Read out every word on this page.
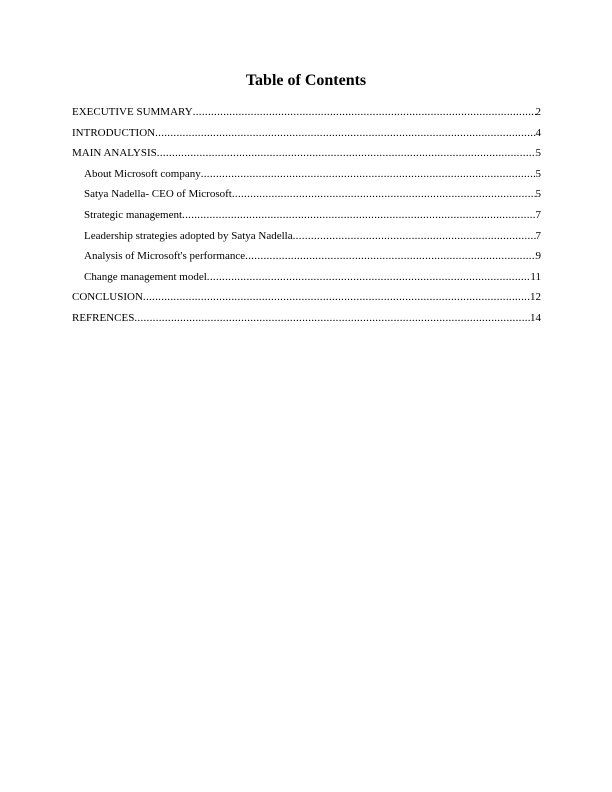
Table of Contents
EXECUTIVE SUMMARY .....	2
INTRODUCTION .....	4
MAIN ANALYSIS .....	5
About Microsoft company .....	5
Satya Nadella- CEO of Microsoft .....	5
Strategic management .....	7
Leadership strategies adopted by Satya Nadella .....	7
Analysis of Microsoft's performance .....	9
Change management model .....	11
CONCLUSION .....	12
REFRENCES .....	14
